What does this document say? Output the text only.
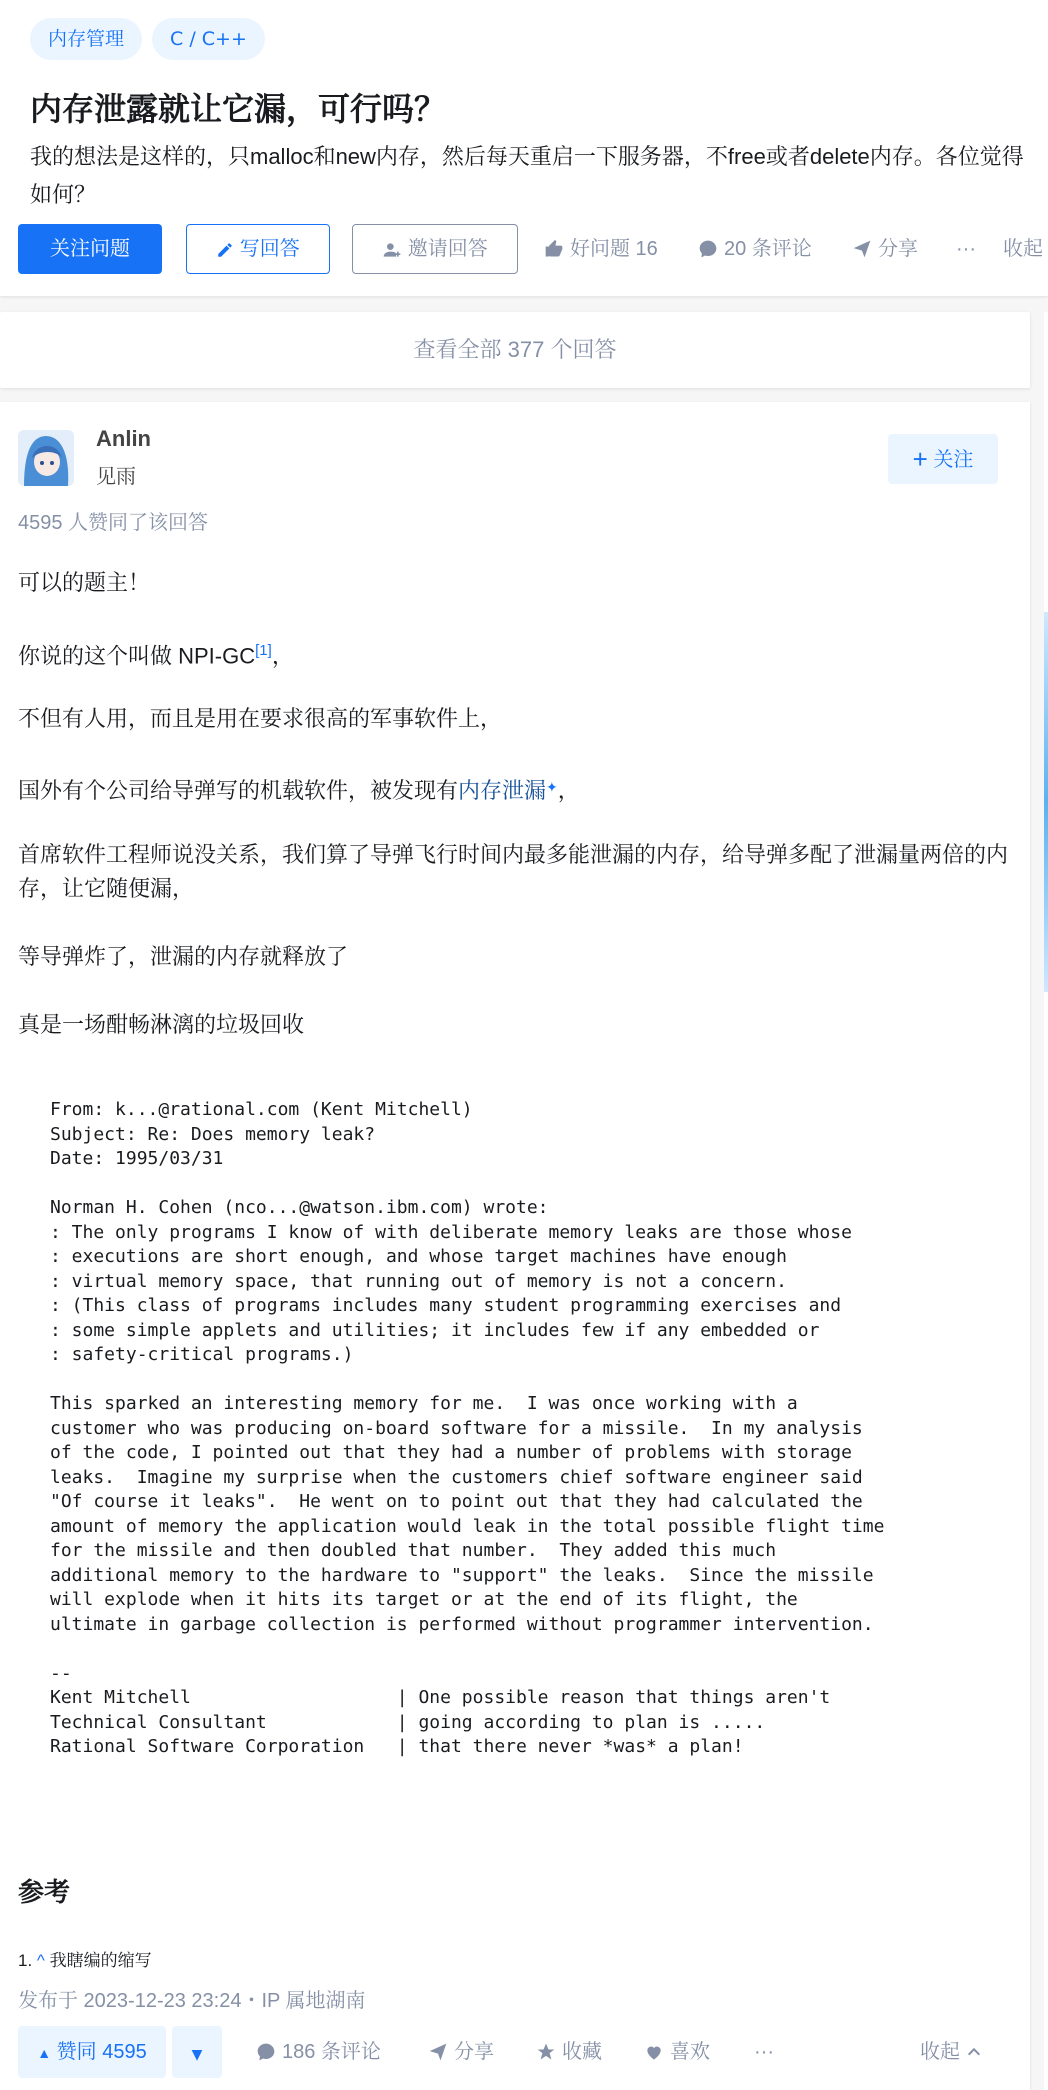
内存管理	C / C++
内存泄露就让它漏，可行吗？
我的想法是这样的，只malloc和new内存，然后每天重启一下服务器，不free或者delete内存。各位觉得如何？
关注问题	写回答	邀请回答	好问题 16	20 条评论	分享 ··· 收起
查看全部 377 个回答
Anlin
见雨
+ 关注
4595 人赞同了该回答

可以的题主！

你说的这个叫做 NPI-GC[1]，

不但有人用，而且是用在要求很高的军事软件上，

国外有个公司给导弹写的机载软件，被发现有内存泄漏✦，

首席软件工程师说没关系，我们算了导弹飞行时间内最多能泄漏的内存，给导弹多配了泄漏量两倍的内存，让它随便漏，

等导弹炸了，泄漏的内存就释放了

真是一场酣畅淋漓的垃圾回收

From: k...@rational.com (Kent Mitchell)
Subject: Re: Does memory leak?
Date: 1995/03/31

Norman H. Cohen (nco...@watson.ibm.com) wrote:
: The only programs I know of with deliberate memory leaks are those whose
: executions are short enough, and whose target machines have enough
: virtual memory space, that running out of memory is not a concern.
: (This class of programs includes many student programming exercises and
: some simple applets and utilities; it includes few if any embedded or
: safety-critical programs.)

This sparked an interesting memory for me.  I was once working with a
customer who was producing on-board software for a missile.  In my analysis
of the code, I pointed out that they had a number of problems with storage
leaks.  Imagine my surprise when the customers chief software engineer said
"Of course it leaks".  He went on to point out that they had calculated the
amount of memory the application would leak in the total possible flight time
for the missile and then doubled that number.  They added this much
additional memory to the hardware to "support" the leaks.  Since the missile
will explode when it hits its target or at the end of its flight, the
ultimate in garbage collection is performed without programmer intervention.

--
Kent Mitchell                   | One possible reason that things aren't
Technical Consultant            | going according to plan is .....
Rational Software Corporation   | that there never *was* a plan!
参考
1. ^ 我瞎编的缩写
发布于 2023-12-23 23:24・IP 属地湖南
▲ 赞同 4595	▼	186 条评论	分享	收藏	喜欢 ···	收起
